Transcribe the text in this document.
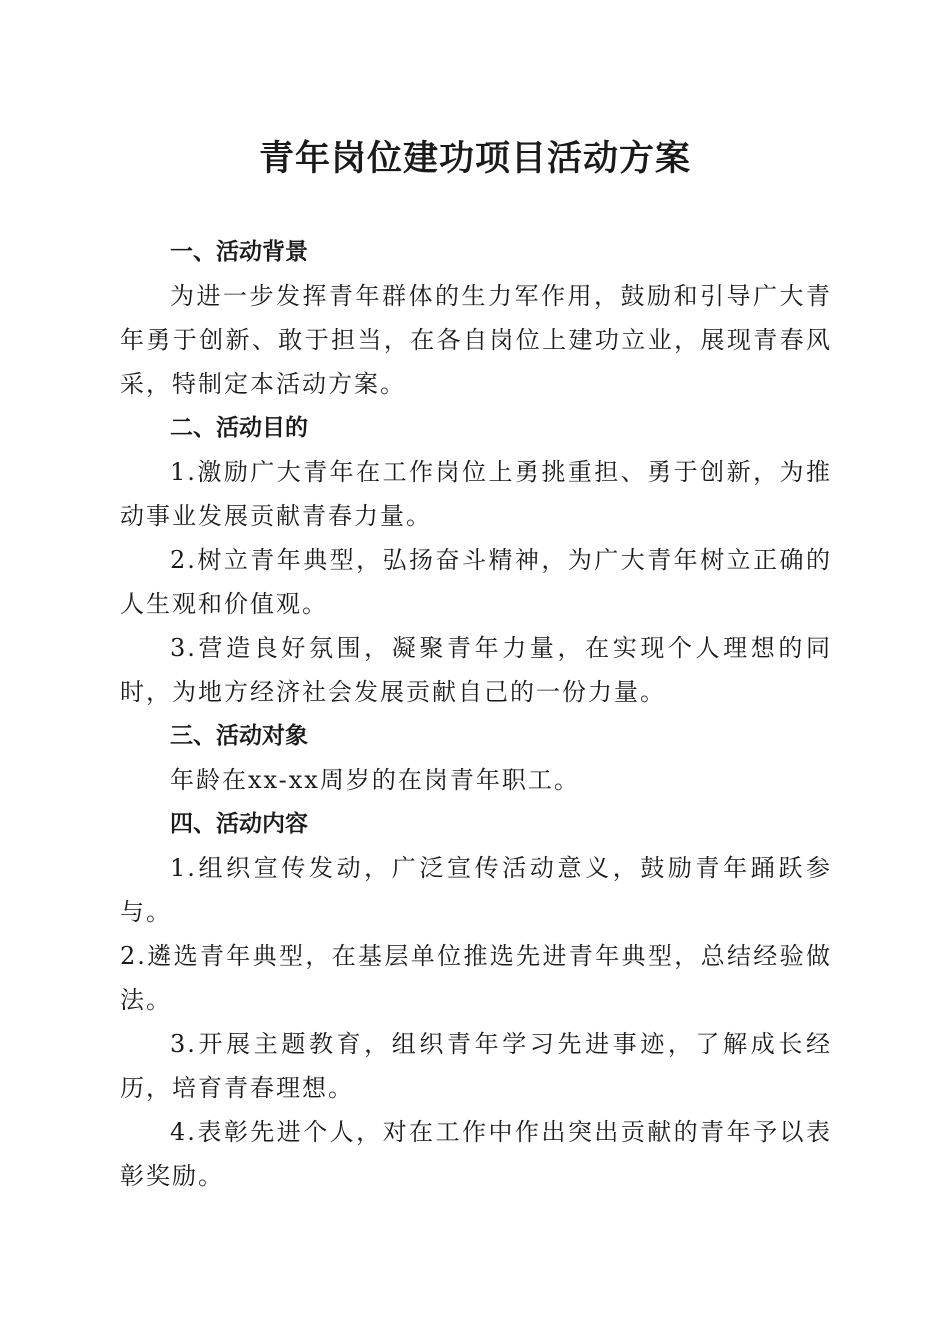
青年岗位建功项目活动方案
一、活动背景

为进一步发挥青年群体的生力军作用，鼓励和引导广大青年勇于创新、敢于担当，在各自岗位上建功立业，展现青春风采，特制定本活动方案。

二、活动目的

1.激励广大青年在工作岗位上勇挑重担、勇于创新，为推动事业发展贡献青春力量。

2.树立青年典型，弘扬奋斗精神，为广大青年树立正确的人生观和价值观。

3.营造良好氛围，凝聚青年力量，在实现个人理想的同时，为地方经济社会发展贡献自己的一份力量。

三、活动对象

年龄在xx-xx周岁的在岗青年职工。

四、活动内容

1.组织宣传发动，广泛宣传活动意义，鼓励青年踊跃参与。

2.遴选青年典型，在基层单位推选先进青年典型，总结经验做法。

3.开展主题教育，组织青年学习先进事迹，了解成长经历，培育青春理想。

4.表彰先进个人，对在工作中作出突出贡献的青年予以表彰奖励。
